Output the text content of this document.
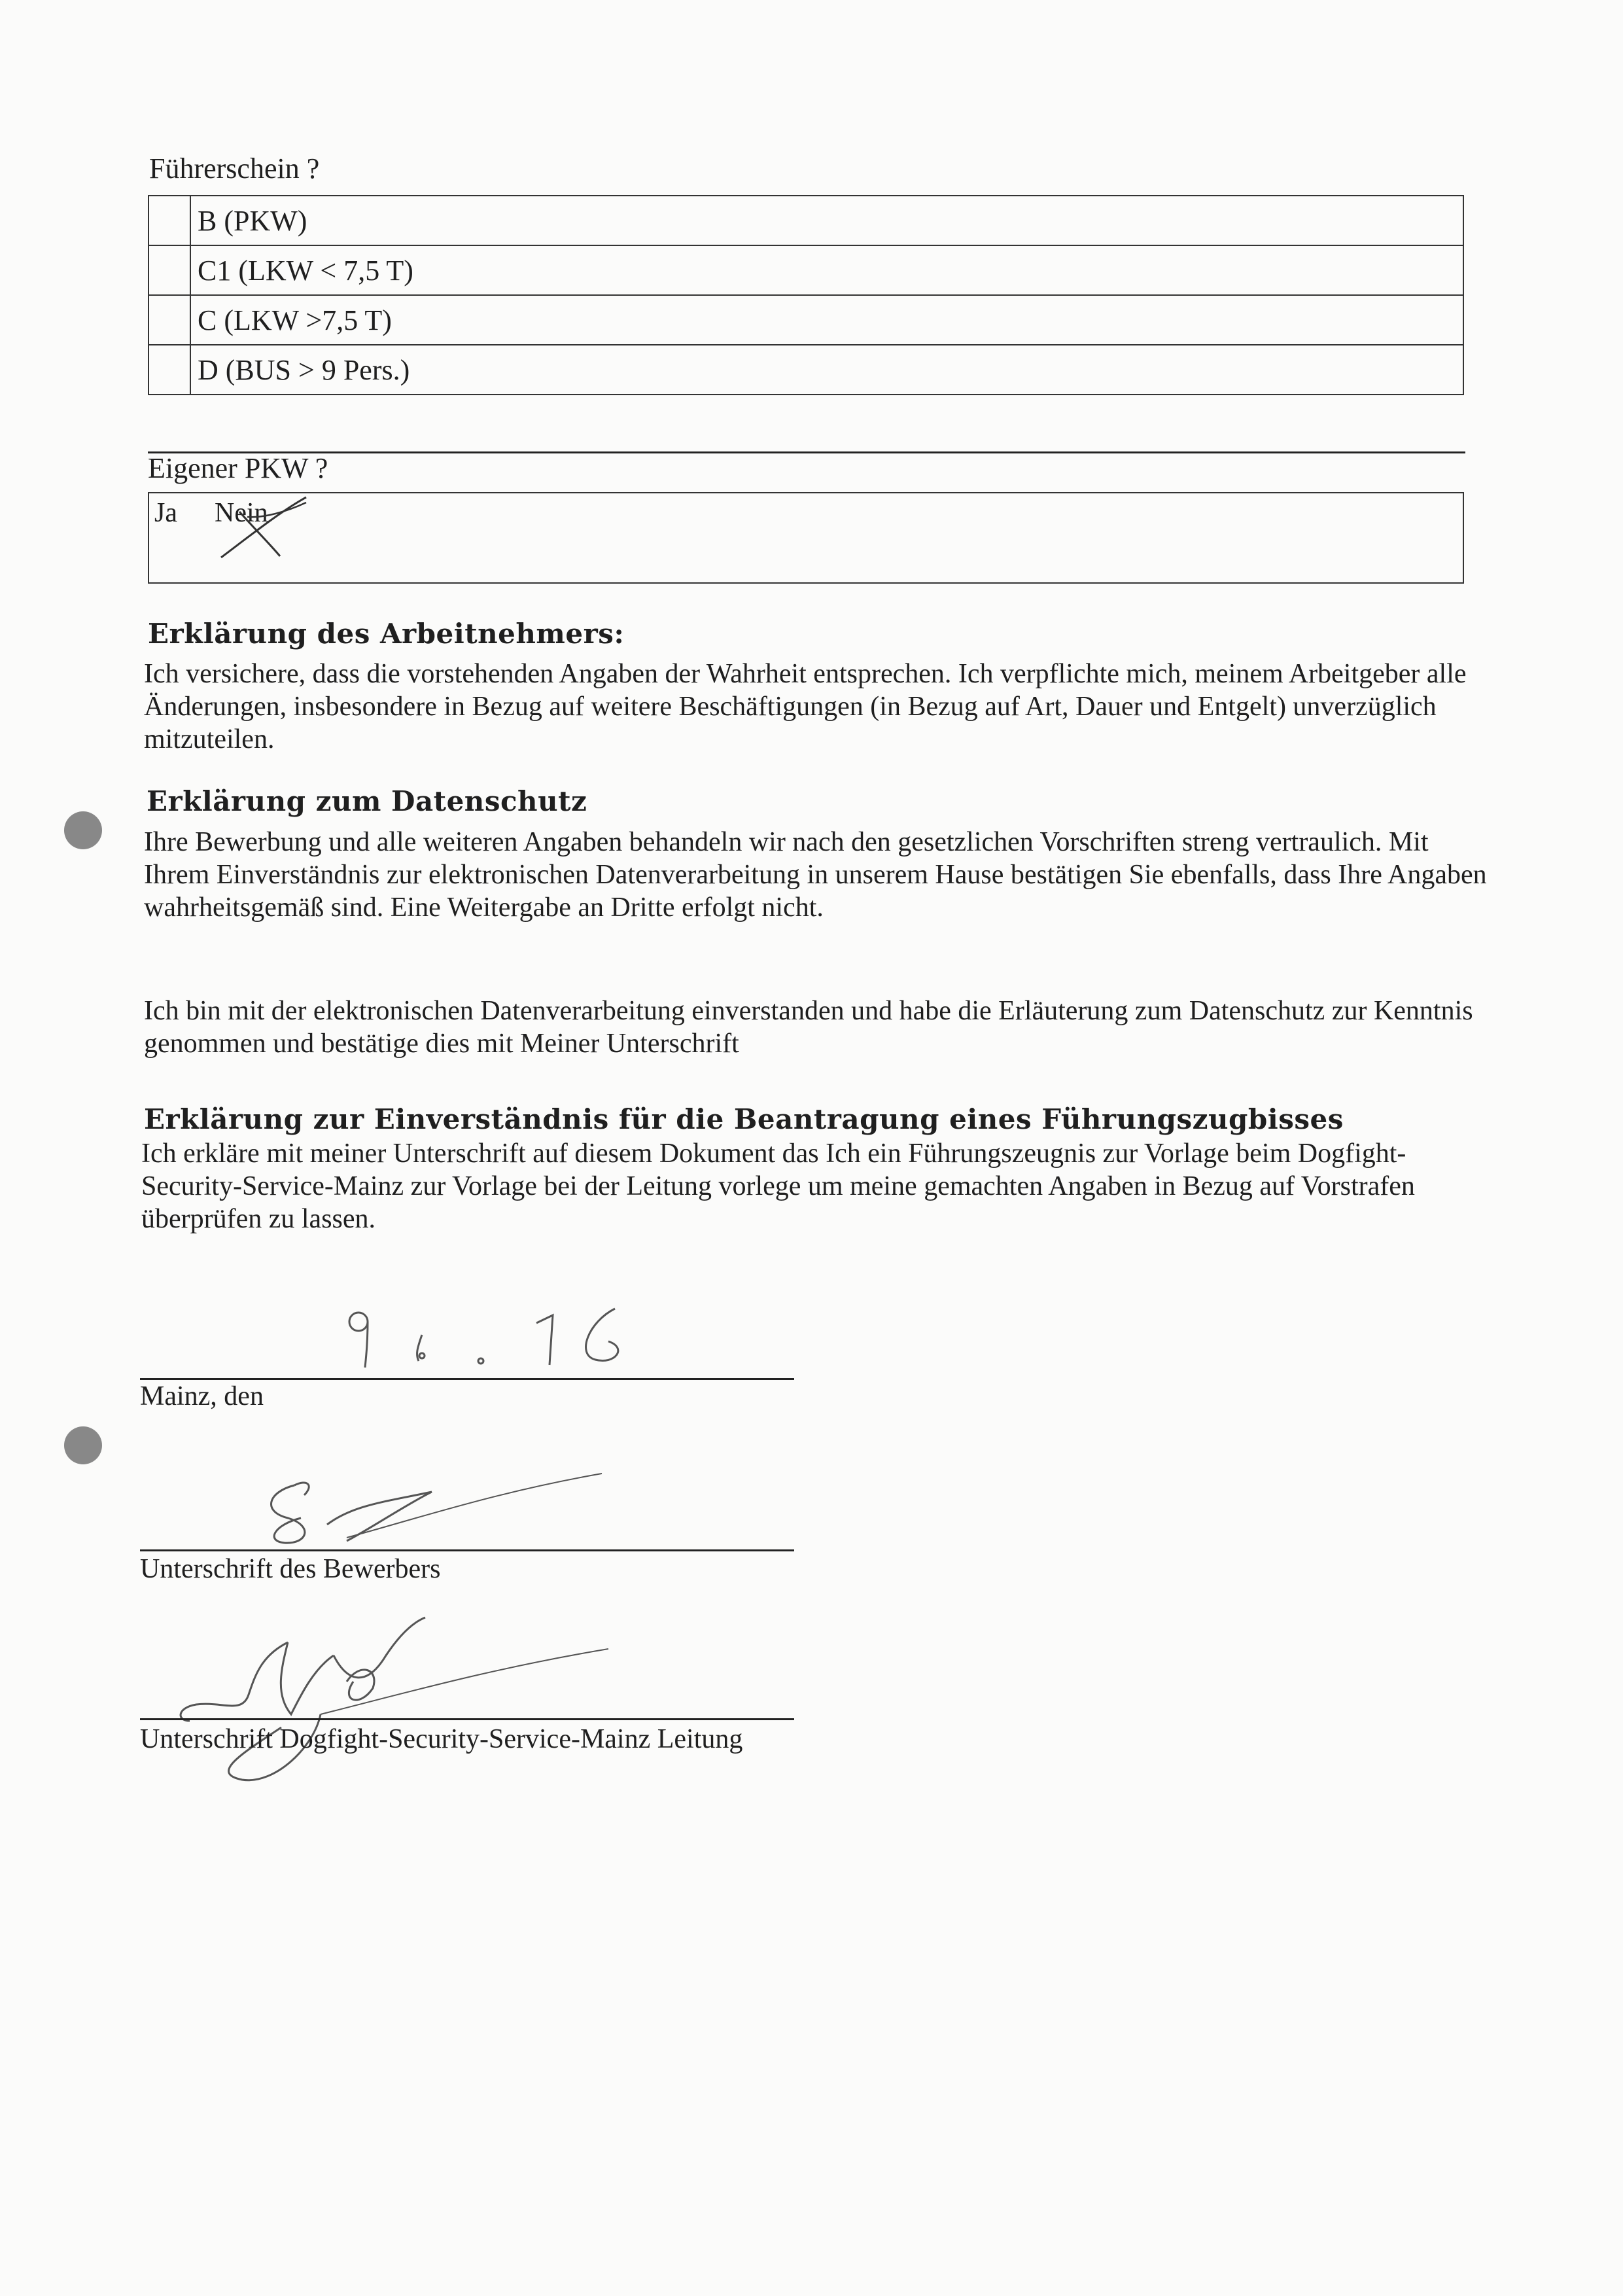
Führerschein ?
	B (PKW)
	C1 (LKW < 7,5 T)
	C (LKW >7,5 T)
	D (BUS > 9 Pers.)
Eigener PKW ?
Ja Nein
Erklärung des Arbeitnehmers:
Ich versichere, dass die vorstehenden Angaben der Wahrheit entsprechen. Ich verpflichte mich, meinem Arbeitgeber alle Änderungen, insbesondere in Bezug auf weitere Beschäftigungen (in Bezug auf Art, Dauer und Entgelt) unverzüglich mitzuteilen.
Erklärung zum Datenschutz
Ihre Bewerbung und alle weiteren Angaben behandeln wir nach den gesetzlichen Vorschriften streng vertraulich. Mit Ihrem Einverständnis zur elektronischen Datenverarbeitung in unserem Hause bestätigen Sie ebenfalls, dass Ihre Angaben wahrheitsgemäß sind. Eine Weitergabe an Dritte erfolgt nicht.
Ich bin mit der elektronischen Datenverarbeitung einverstanden und habe die Erläuterung zum Datenschutz zur Kenntnis genommen und bestätige dies mit Meiner Unterschrift
Erklärung zur Einverständnis für die Beantragung eines Führungszugbisses
Ich erkläre mit meiner Unterschrift auf diesem Dokument das Ich ein Führungszeugnis zur Vorlage beim Dogfight-Security-Service-Mainz zur Vorlage bei der Leitung vorlege um meine gemachten Angaben in Bezug auf Vorstrafen überprüfen zu lassen.
Mainz, den
Unterschrift des Bewerbers
Unterschrift Dogfight-Security-Service-Mainz Leitung
